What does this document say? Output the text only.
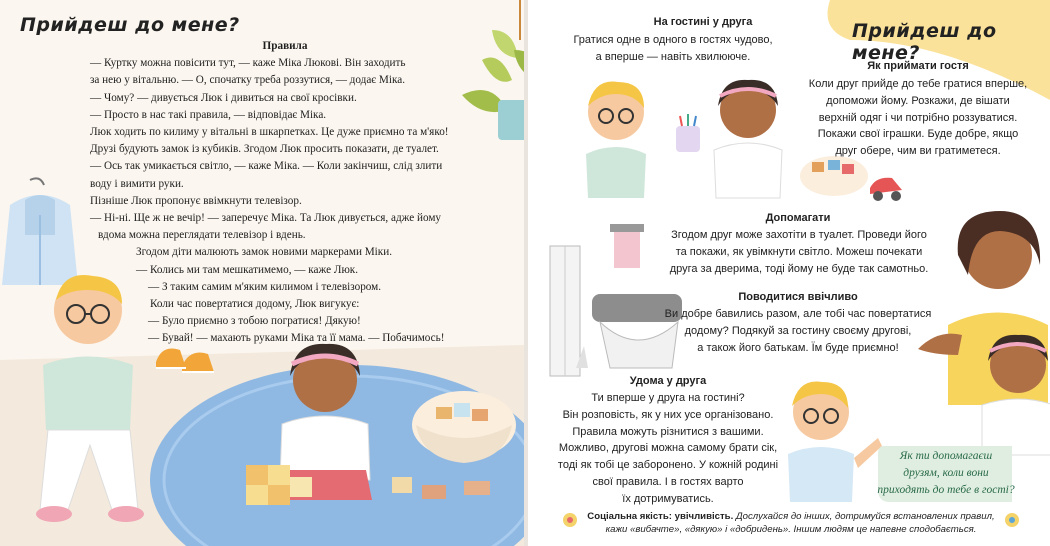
Прийдеш до мене?
Правила
— Куртку можна повісити тут, — каже Міка Люкові. Він заходить
за нею у вітальню. — О, спочатку треба роззутися, — додає Міка.
— Чому? — дивується Люк і дивиться на свої кросівки.
— Просто в нас такі правила, — відповідає Міка.
Люк ходить по килиму у вітальні в шкарпетках. Це дуже приємно та м'яко!
Друзі будують замок із кубиків. Згодом Люк просить показати, де туалет.
— Ось так умикається світло, — каже Міка. — Коли закінчиш, слід злити
воду і вимити руки.
Пізніше Люк пропонує ввімкнути телевізор.
— Ні-ні. Ще ж не вечір! — заперечує Міка. Та Люк дивується, адже йому
вдома можна переглядати телевізор і вдень.
Згодом діти малюють замок новими маркерами Міки.
— Колись ми там мешкатимемо, — каже Люк.
— З таким самим м'яким килимом і телевізором.
Коли час повертатися додому, Люк вигукує:
— Було приємно з тобою погратися! Дякую!
— Бувай! — махають руками Міка та її мама. — Побачимось!
Прийдеш до мене?
На гостині у друга
Гратися одне в одного в гостях чудово,
а вперше — навіть хвилююче.
Як приймати гостя
Коли друг прийде до тебе гратися вперше,
допоможи йому. Розкажи, де вішати
верхній одяг і чи потрібно роззуватися.
Покажи свої іграшки. Буде добре, якщо
друг обере, чим ви гратиметеся.
Допомагати
Згодом друг може захотіти в туалет. Проведи його
та покажи, як увімкнути світло. Можеш почекати
друга за дверима, тоді йому не буде так самотньо.
Поводитися ввічливо
Ви добре бавились разом, але тобі час повертатися
додому? Подякуй за гостину своєму другові,
а також його батькам. Їм буде приємно!
Удома у друга
Ти вперше у друга на гостині?
Він розповість, як у них усе організовано.
Правила можуть різнитися з вашими.
Можливо, другові можна самому брати сік,
тоді як тобі це заборонено. У кожній родині
свої правила. І в гостях варто
їх дотримуватись.
Як ти допомагаєш
друзям, коли вони
приходять до тебе в гості?
Соціальна якість: увічливість. Дослухайся до інших, дотримуйся встановлених правил, кажи «вибачте», «дякую» і «добридень». Іншим людям це напевне сподобається.
